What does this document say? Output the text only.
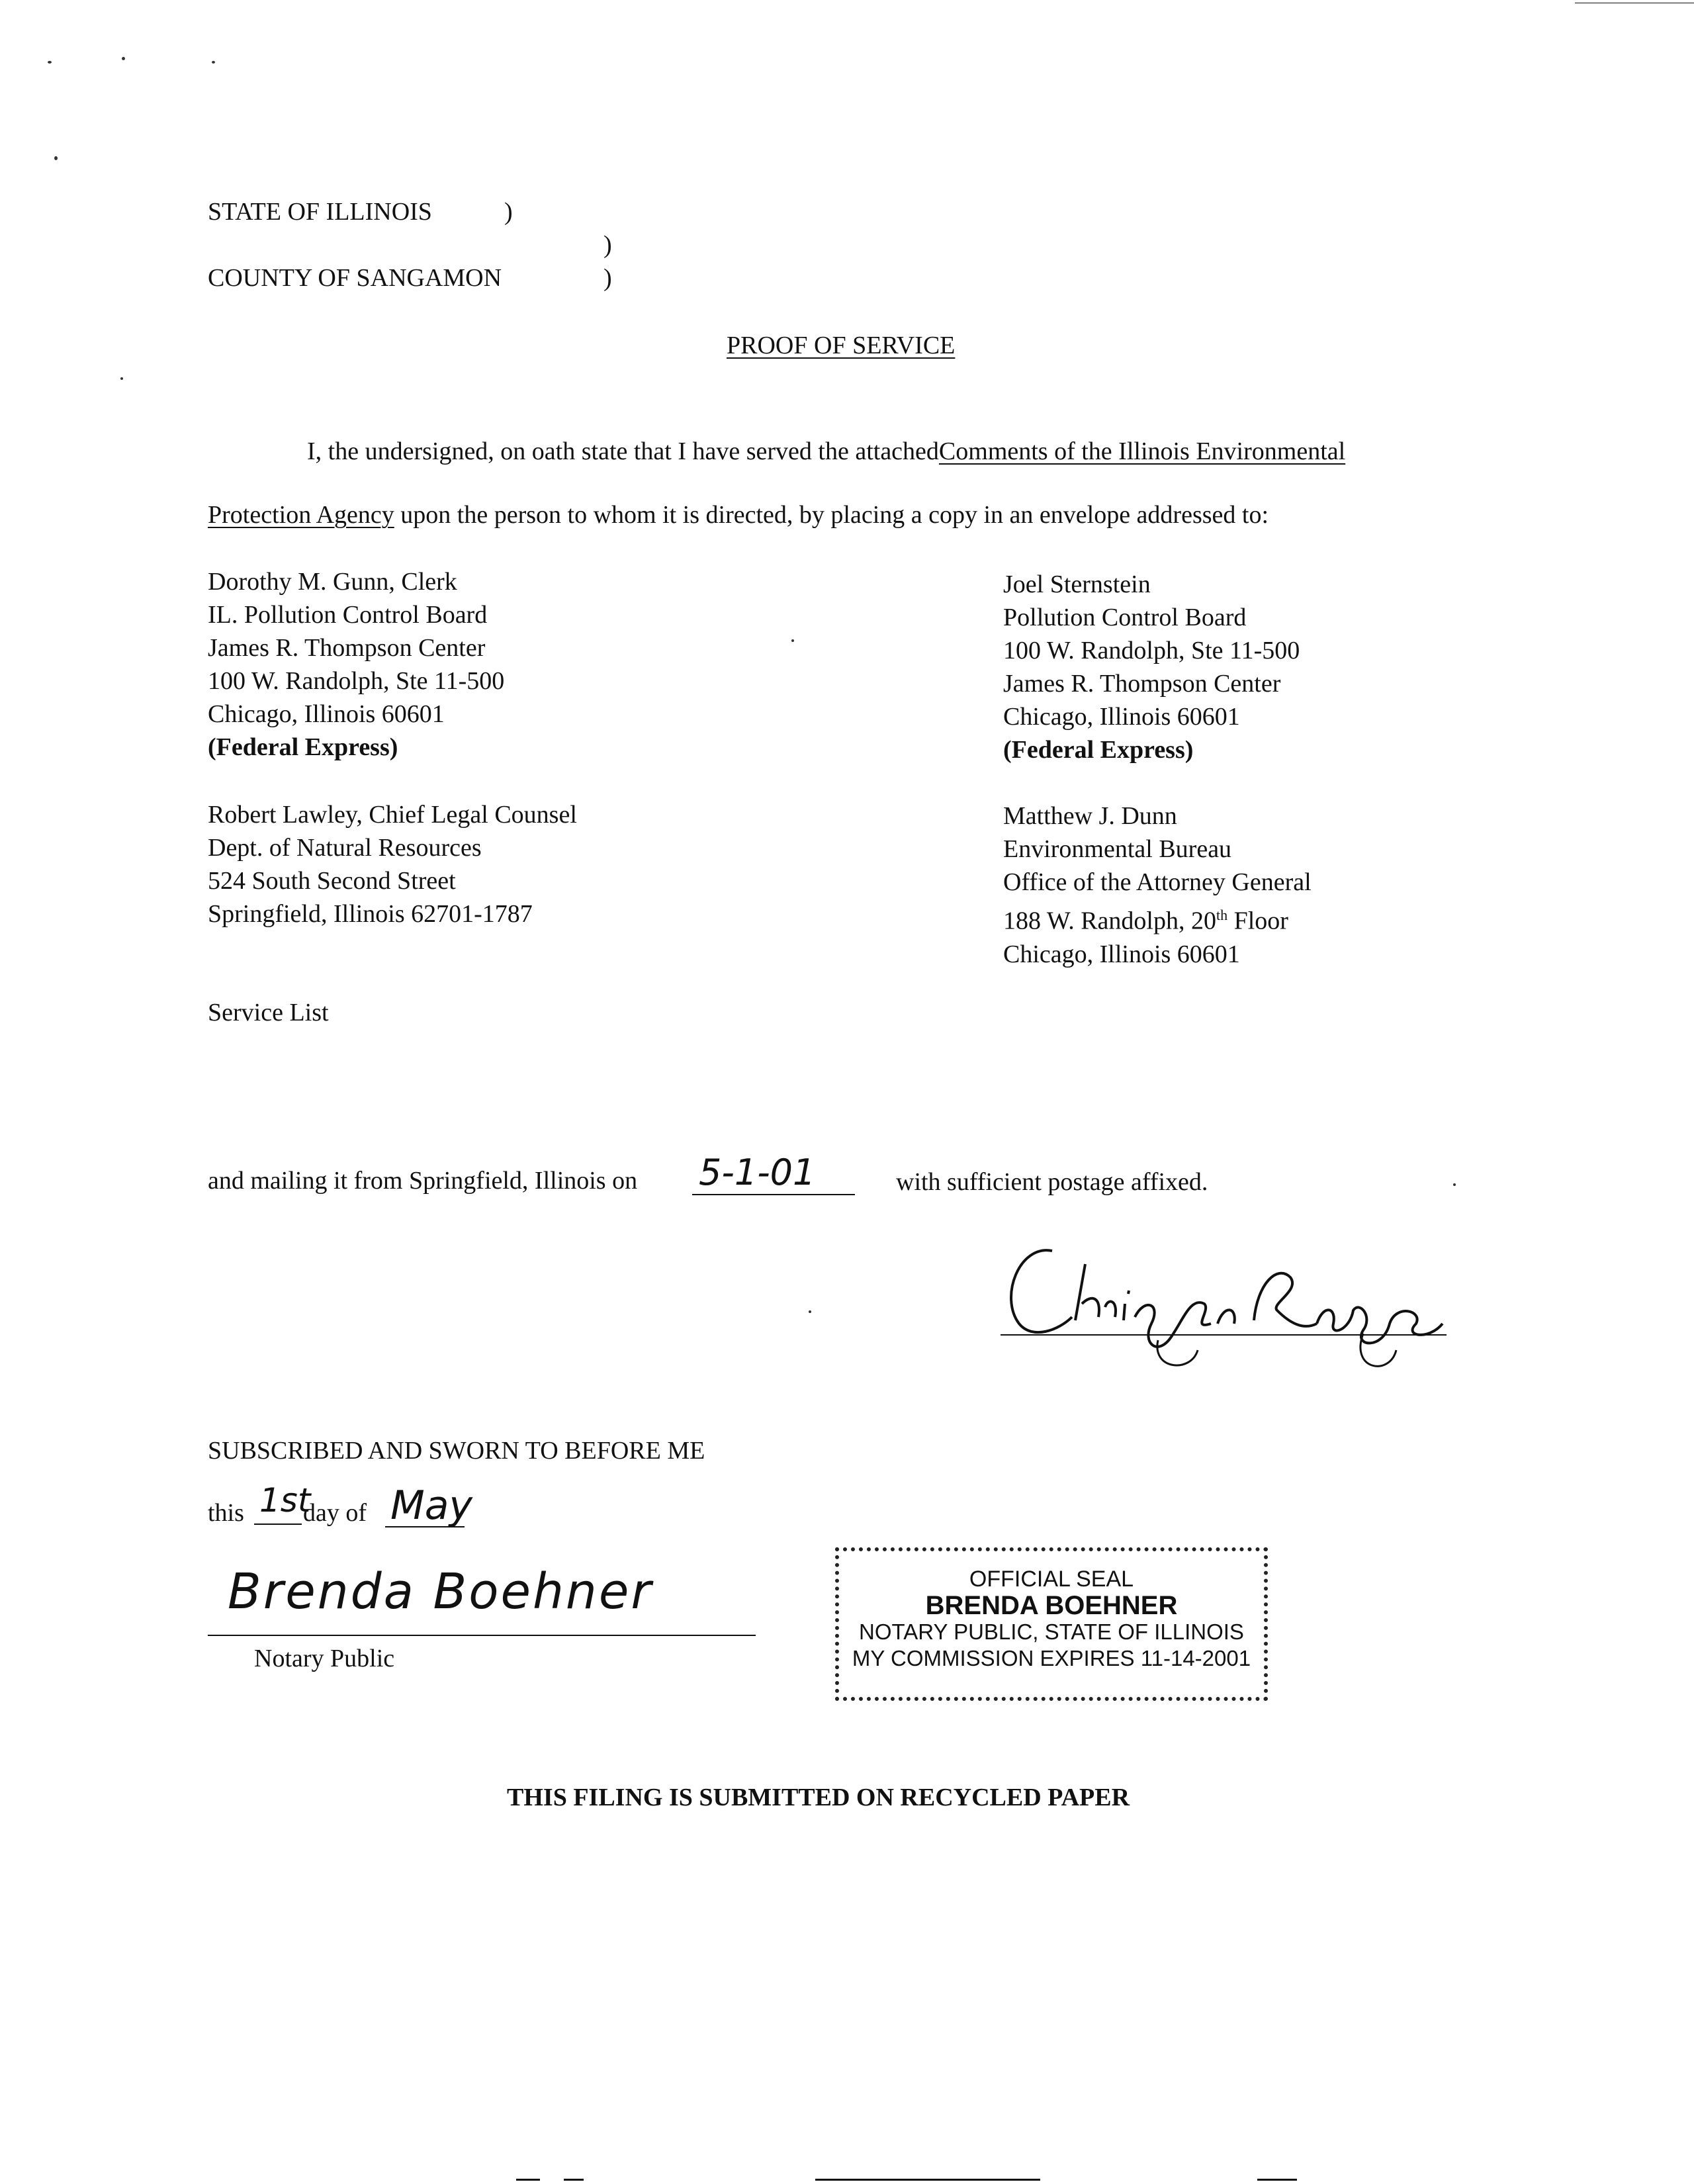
STATE OF ILLINOIS	)
)
COUNTY OF SANGAMON	)
PROOF OF SERVICE
I, the undersigned, on oath state that I have served the attachedComments of the Illinois Environmental
Protection Agency upon the person to whom it is directed, by placing a copy in an envelope addressed to:
Dorothy M. Gunn, Clerk
IL. Pollution Control Board
James R. Thompson Center
100 W. Randolph, Ste 11-500
Chicago, Illinois 60601
(Federal Express)
Joel Sternstein
Pollution Control Board
100 W. Randolph, Ste 11-500
James R. Thompson Center
Chicago, Illinois 60601
(Federal Express)
Robert Lawley, Chief Legal Counsel
Dept. of Natural Resources
524 South Second Street
Springfield, Illinois 62701-1787
Matthew J. Dunn
Environmental Bureau
Office of the Attorney General
188 W. Randolph, 20th Floor
Chicago, Illinois 60601
Service List
and mailing it from Springfield, Illinois on 5-1-01	with sufficient postage affixed.
Chris R. Roby
SUBSCRIBED AND SWORN TO BEFORE ME
this 1st
day of May
Brenda Boehner
Notary Public
OFFICIAL SEAL
BRENDA BOEHNER
NOTARY PUBLIC, STATE OF ILLINOIS
MY COMMISSION EXPIRES 11-14-2001
THIS FILING IS SUBMITTED ON RECYCLED PAPER
